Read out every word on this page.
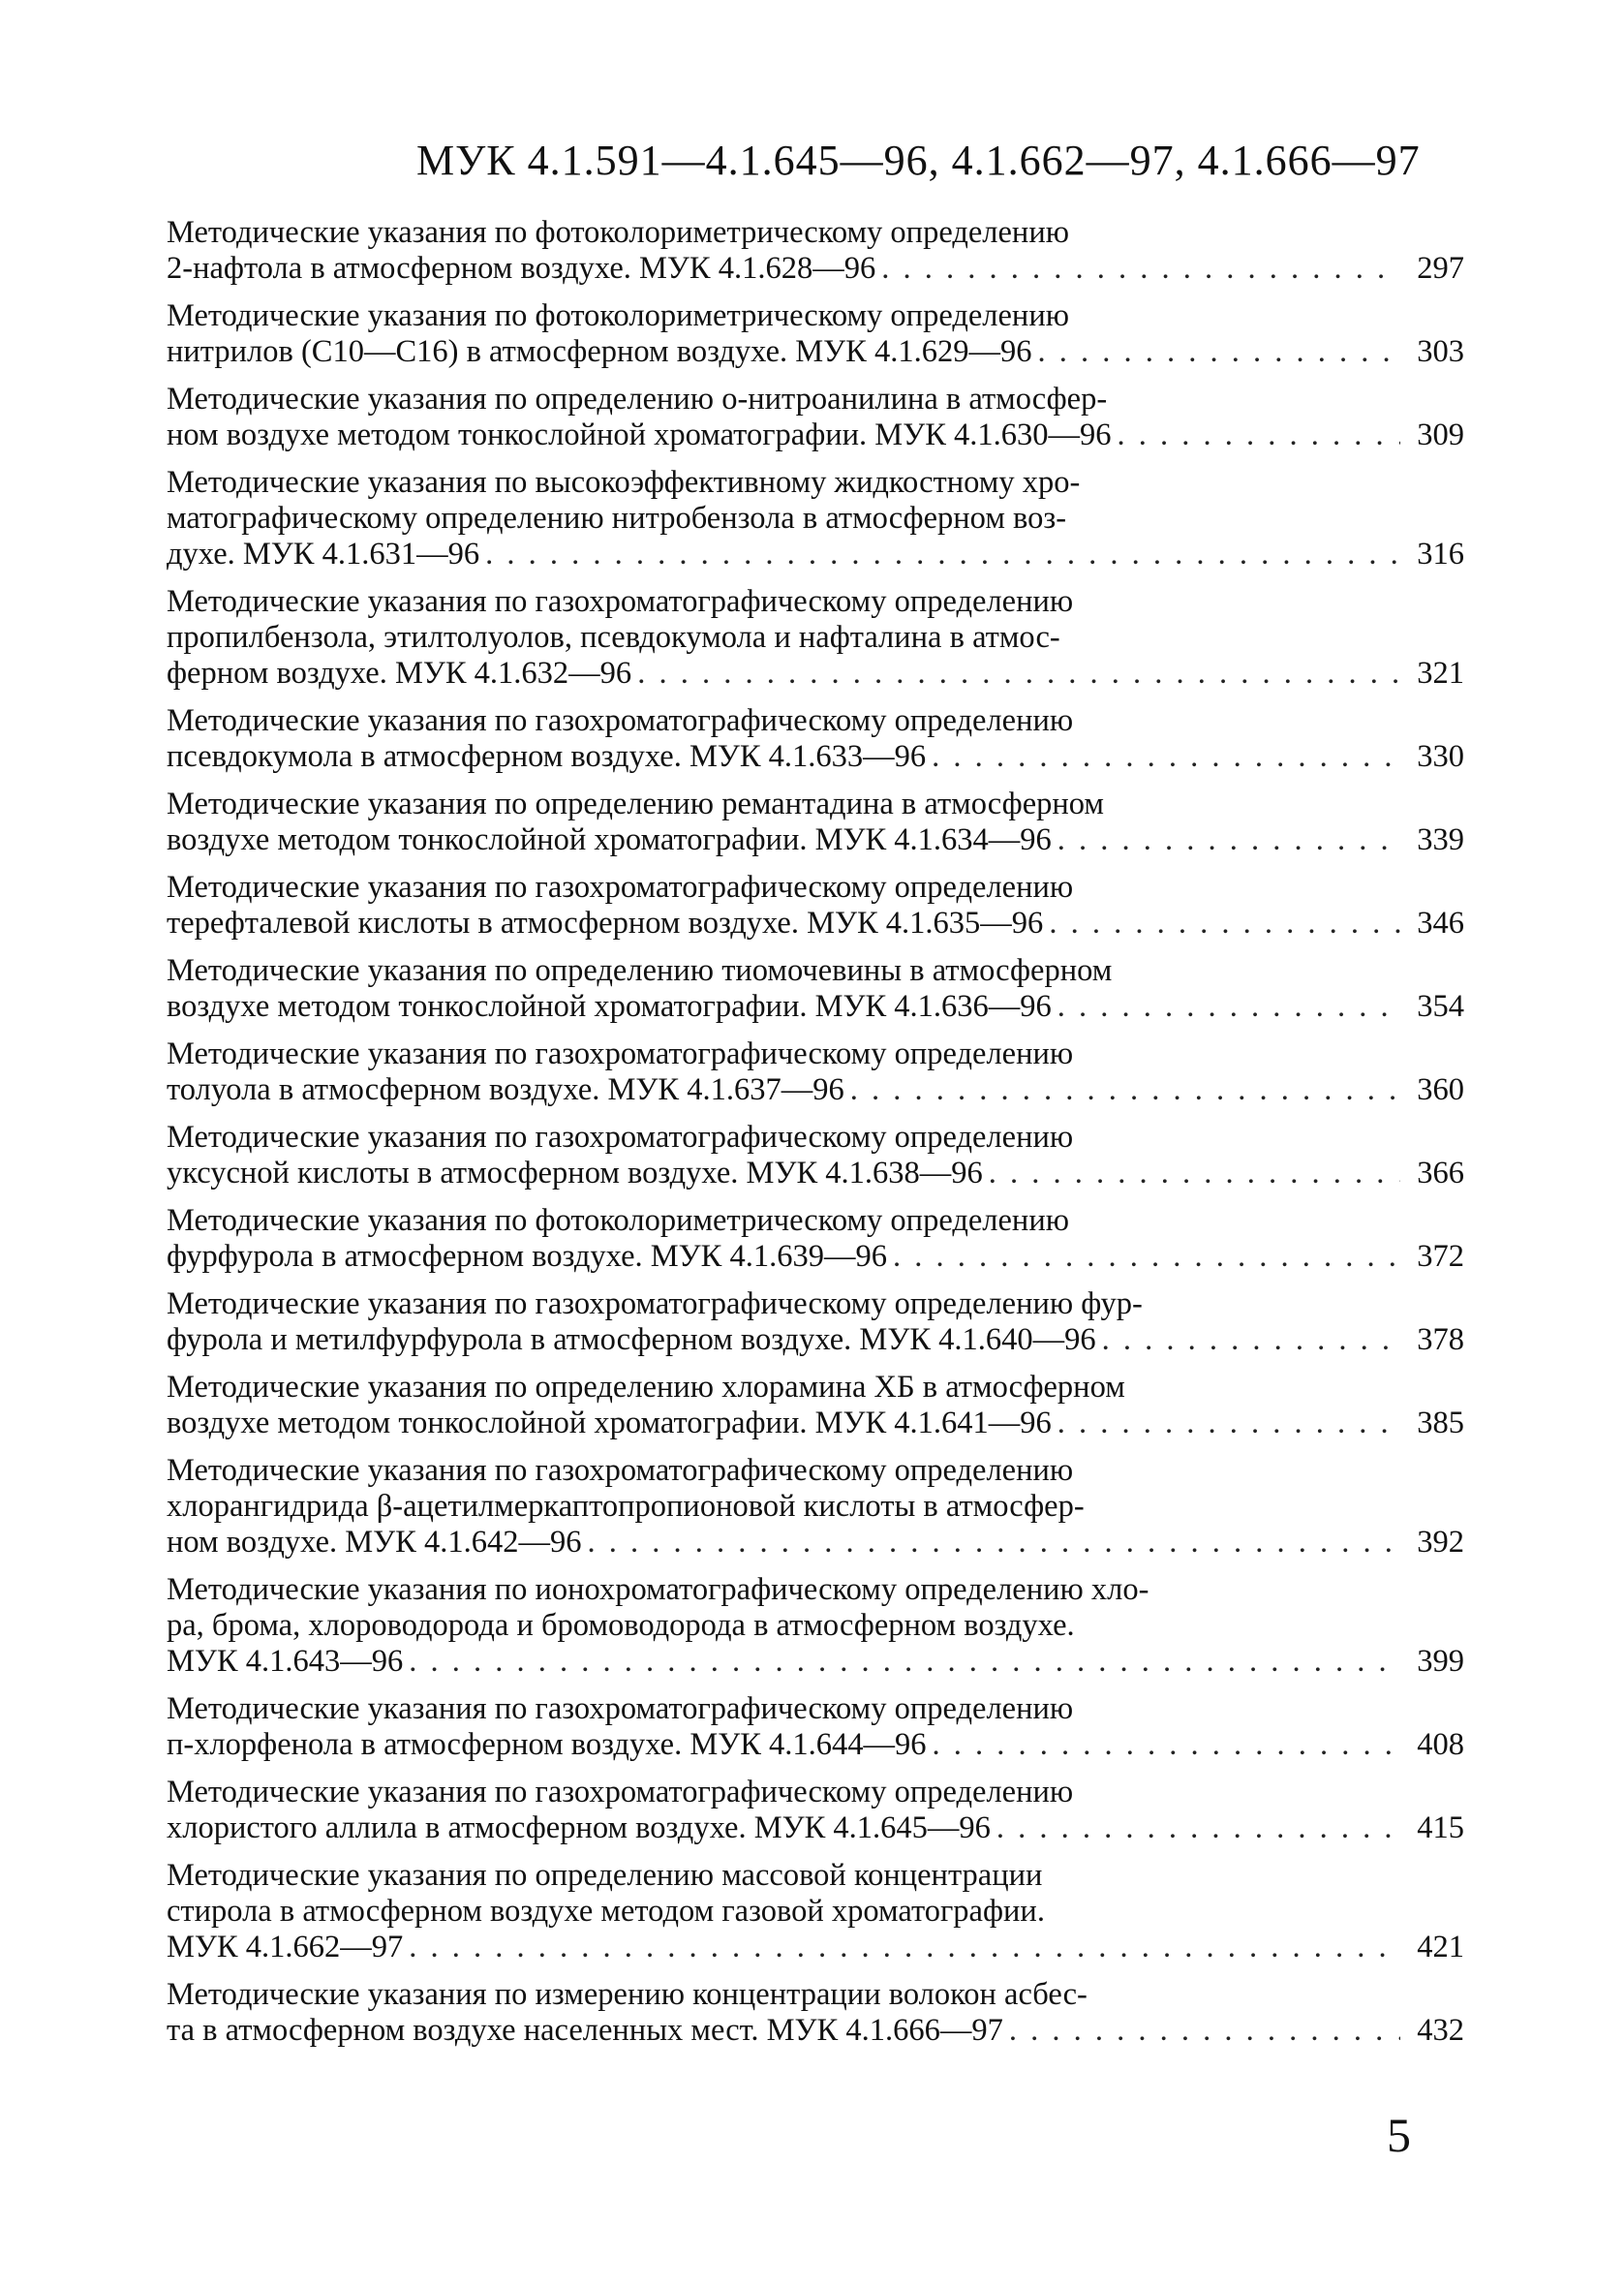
МУК 4.1.591—4.1.645—96, 4.1.662—97, 4.1.666—97
Методические указания по фотоколориметрическому определению
2-нафтола в атмосферном воздухе. МУК 4.1.628—96 . . .	297
Методические указания по фотоколориметрическому определению
нитрилов (С10—С16) в атмосферном воздухе. МУК 4.1.629—96 . . .	303
Методические указания по определению о-нитроанилина в атмосфер-
ном воздухе методом тонкослойной хроматографии. МУК 4.1.630—96 . . .	309
Методические указания по высокоэффективному жидкостному хро-
матографическому определению нитробензола в атмосферном воз-
духе. МУК 4.1.631—96 . . .	316
Методические указания по газохроматографическому определению
пропилбензола, этилтолуолов, псевдокумола и нафталина в атмос-
ферном воздухе. МУК 4.1.632—96 . . .	321
Методические указания по газохроматографическому определению
псевдокумола в атмосферном воздухе. МУК 4.1.633—96 . . .	330
Методические указания по определению ремантадина в атмосферном
воздухе методом тонкослойной хроматографии. МУК 4.1.634—96 . . .	339
Методические указания по газохроматографическому определению
терефталевой кислоты в атмосферном воздухе. МУК 4.1.635—96 . . .	346
Методические указания по определению тиомочевины в атмосферном
воздухе методом тонкослойной хроматографии. МУК 4.1.636—96 . . .	354
Методические указания по газохроматографическому определению
толуола в атмосферном воздухе. МУК 4.1.637—96 . . .	360
Методические указания по газохроматографическому определению
уксусной кислоты в атмосферном воздухе. МУК 4.1.638—96 . . .	366
Методические указания по фотоколориметрическому определению
фурфурола в атмосферном воздухе. МУК 4.1.639—96 . . .	372
Методические указания по газохроматографическому определению фур-
фурола и метилфурфурола в атмосферном воздухе. МУК 4.1.640—96 . . .	378
Методические указания по определению хлорамина ХБ в атмосферном
воздухе методом тонкослойной хроматографии. МУК 4.1.641—96 . . .	385
Методические указания по газохроматографическому определению
хлорангидрида β-ацетилмеркаптопропионовой кислоты в атмосфер-
ном воздухе. МУК 4.1.642—96 . . .	392
Методические указания по ионохроматографическому определению хло-
ра, брома, хлороводорода и бромоводорода в атмосферном воздухе.
МУК 4.1.643—96 . . .	399
Методические указания по газохроматографическому определению
п-хлорфенола в атмосферном воздухе. МУК 4.1.644—96 . . .	408
Методические указания по газохроматографическому определению
хлористого аллила в атмосферном воздухе. МУК 4.1.645—96 . . .	415
Методические указания по определению массовой концентрации
стирола в атмосферном воздухе методом газовой хроматографии.
МУК 4.1.662—97 . . .	421
Методические указания по измерению концентрации волокон асбес-
та в атмосферном воздухе населенных мест. МУК 4.1.666—97 . . .	432
5
